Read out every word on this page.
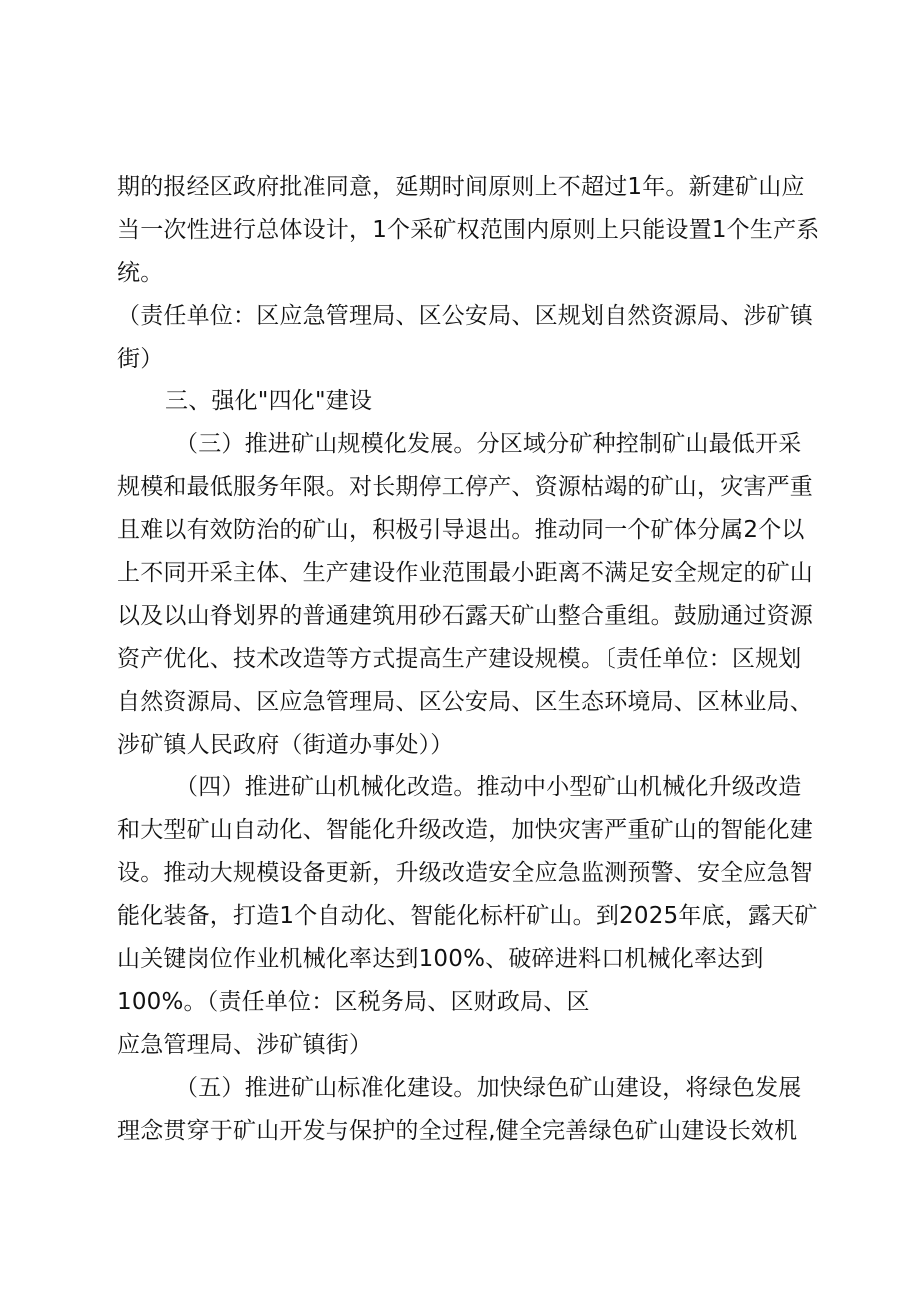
期的报经区政府批准同意，延期时间原则上不超过1年。新建矿山应
当一次性进行总体设计，1个采矿权范围内原则上只能设置1个生产系
统。
（责任单位：区应急管理局、区公安局、区规划自然资源局、涉矿镇
街）
三、强化"四化"建设
（三）推进矿山规模化发展。分区域分矿种控制矿山最低开采
规模和最低服务年限。对长期停工停产、资源枯竭的矿山，灾害严重
且难以有效防治的矿山，积极引导退出。推动同一个矿体分属2个以
上不同开采主体、生产建设作业范围最小距离不满足安全规定的矿山
以及以山脊划界的普通建筑用砂石露天矿山整合重组。鼓励通过资源
资产优化、技术改造等方式提高生产建设规模。〔责任单位：区规划
自然资源局、区应急管理局、区公安局、区生态环境局、区林业局、
涉矿镇人民政府（街道办事处））
（四）推进矿山机械化改造。推动中小型矿山机械化升级改造
和大型矿山自动化、智能化升级改造，加快灾害严重矿山的智能化建
设。推动大规模设备更新，升级改造安全应急监测预警、安全应急智
能化装备，打造1个自动化、智能化标杆矿山。到2025年底，露天矿
山关键岗位作业机械化率达到100%、破碎进料口机械化率达到
100%。（责任单位：区税务局、区财政局、区
应急管理局、涉矿镇街）
（五）推进矿山标准化建设。加快绿色矿山建设，将绿色发展
理念贯穿于矿山开发与保护的全过程,健全完善绿色矿山建设长效机
